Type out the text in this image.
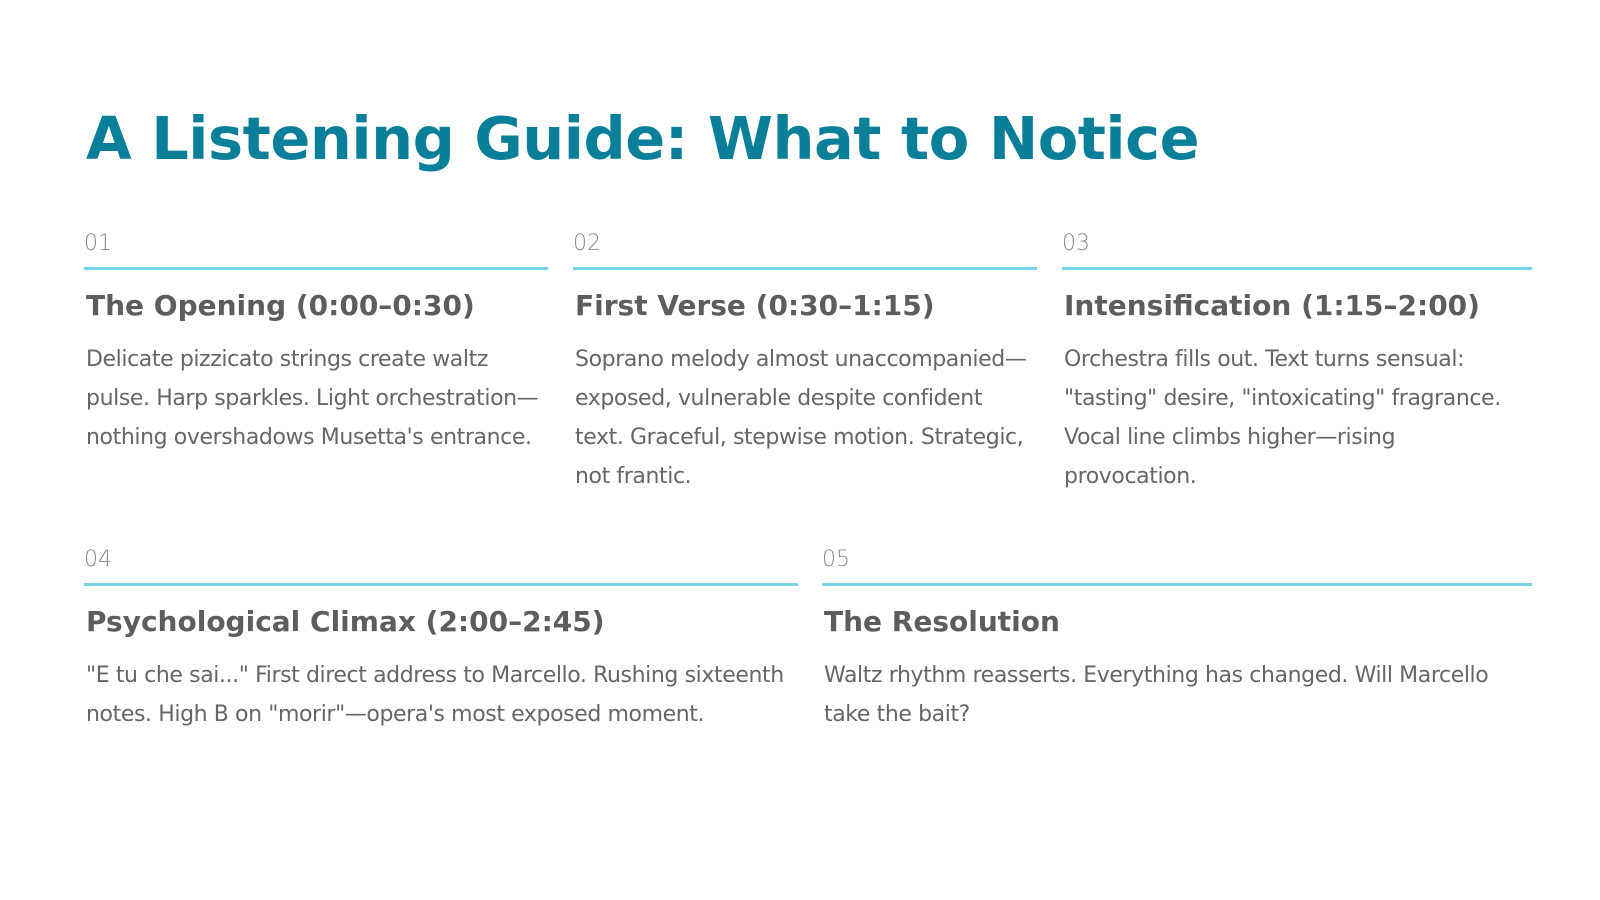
A Listening Guide: What to Notice
01
The Opening (0:00–0:30)
Delicate pizzicato strings create waltz pulse. Harp sparkles. Light orchestration—nothing overshadows Musetta's entrance.
02
First Verse (0:30–1:15)
Soprano melody almost unaccompanied—exposed, vulnerable despite confident text. Graceful, stepwise motion. Strategic, not frantic.
03
Intensification (1:15–2:00)
Orchestra fills out. Text turns sensual: "tasting" desire, "intoxicating" fragrance. Vocal line climbs higher—rising provocation.
04
Psychological Climax (2:00–2:45)
"E tu che sai..." First direct address to Marcello. Rushing sixteenth notes. High B on "morir"—opera's most exposed moment.
05
The Resolution
Waltz rhythm reasserts. Everything has changed. Will Marcello take the bait?
